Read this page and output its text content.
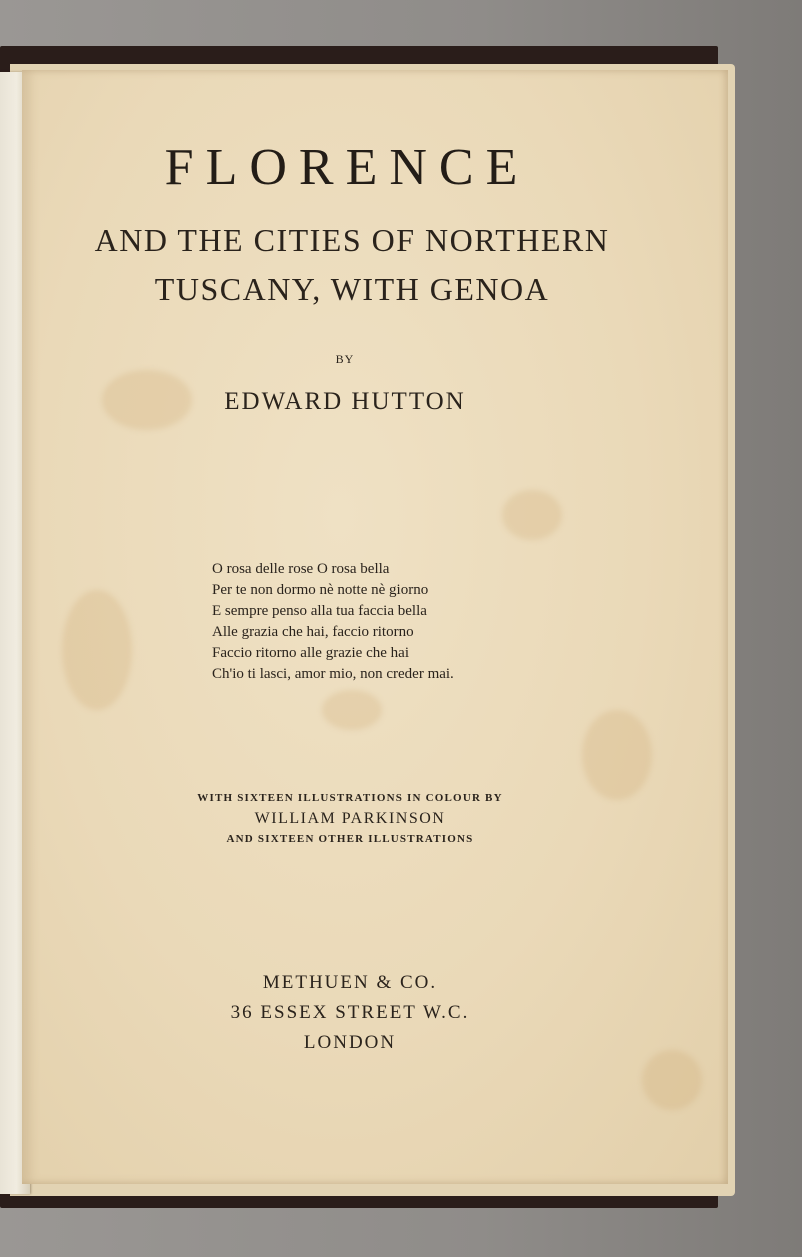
FLORENCE
AND THE CITIES OF NORTHERN
TUSCANY, WITH GENOA
BY
EDWARD HUTTON
O rosa delle rose O rosa bella
Per te non dormo nè notte nè giorno
E sempre penso alla tua faccia bella
Alle grazia che hai, faccio ritorno
Faccio ritorno alle grazie che hai
Ch'io ti lasci, amor mio, non creder mai.
WITH SIXTEEN ILLUSTRATIONS IN COLOUR BY
WILLIAM PARKINSON
AND SIXTEEN OTHER ILLUSTRATIONS
METHUEN & CO.
36 ESSEX STREET W.C.
LONDON
